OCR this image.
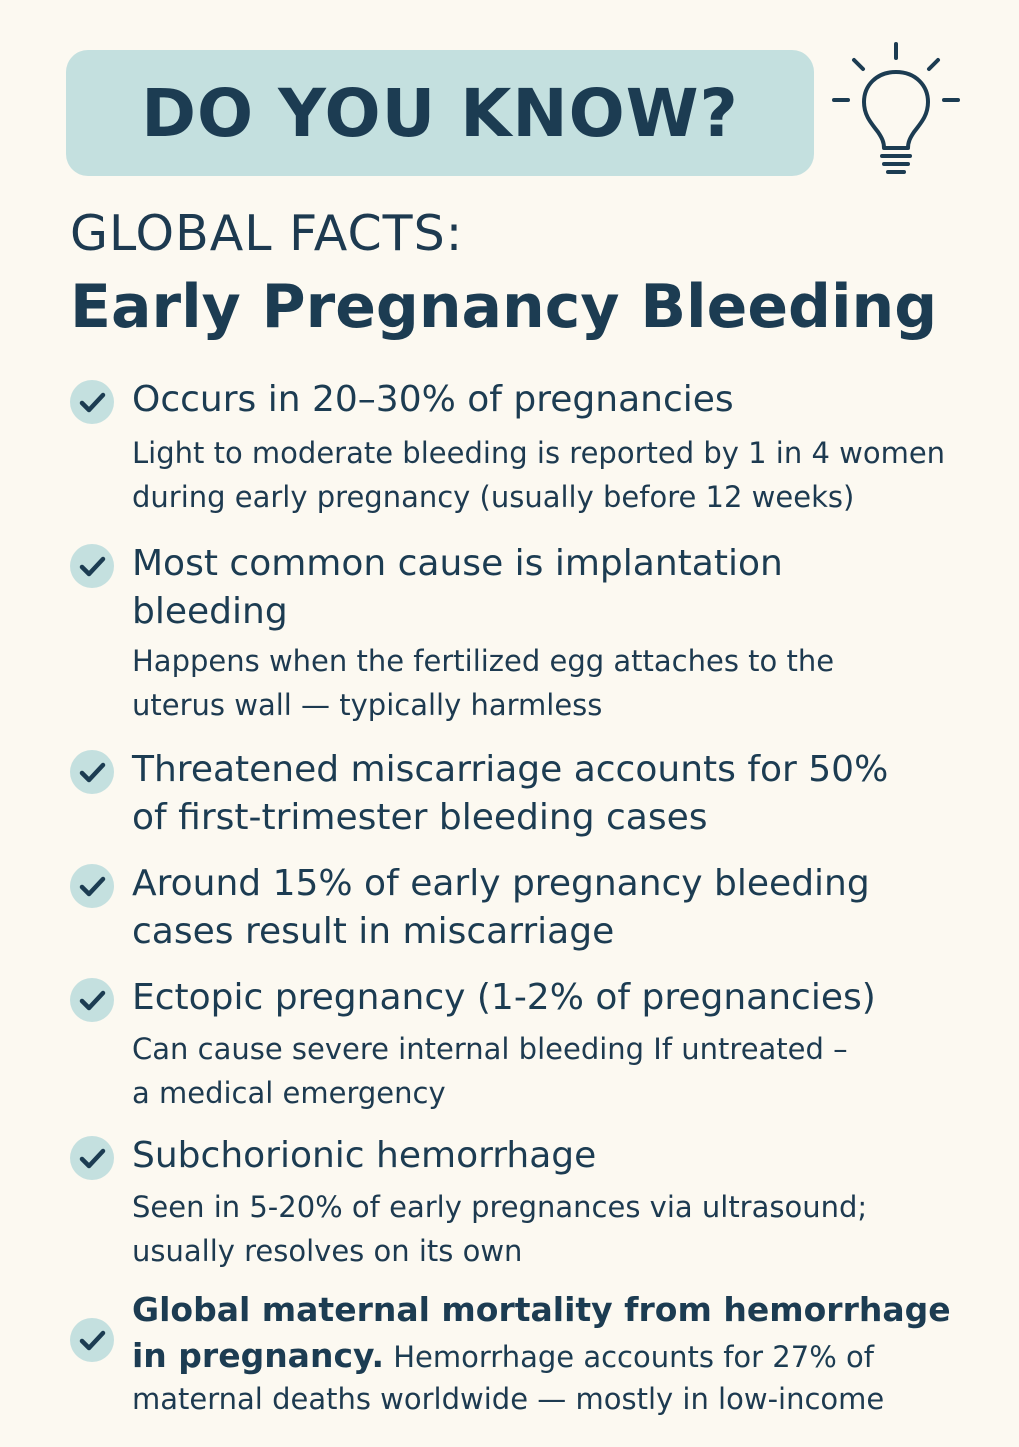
DO YOU KNOW?
GLOBAL FACTS:
Early Pregnancy Bleeding
Occurs in 20–30% of pregnancies
Light to moderate bleeding is reported by 1 in 4 women
during early pregnancy (usually before 12 weeks)
Most common cause is implantation
bleeding
Happens when the fertilized egg attaches to the
uterus wall — typically harmless
Threatened miscarriage accounts for 50%
of first-trimester bleeding cases
Around 15% of early pregnancy bleeding
cases result in miscarriage
Ectopic pregnancy (1-2% of pregnancies)
Can cause severe internal bleeding If untreated –
a medical emergency
Subchorionic hemorrhage
Seen in 5-20% of early pregnances via ultrasound;
usually resolves on its own
Global maternal mortality from hemorrhage
in pregnancy. Hemorrhage accounts for 27% of
maternal deaths worldwide — mostly in low-income
